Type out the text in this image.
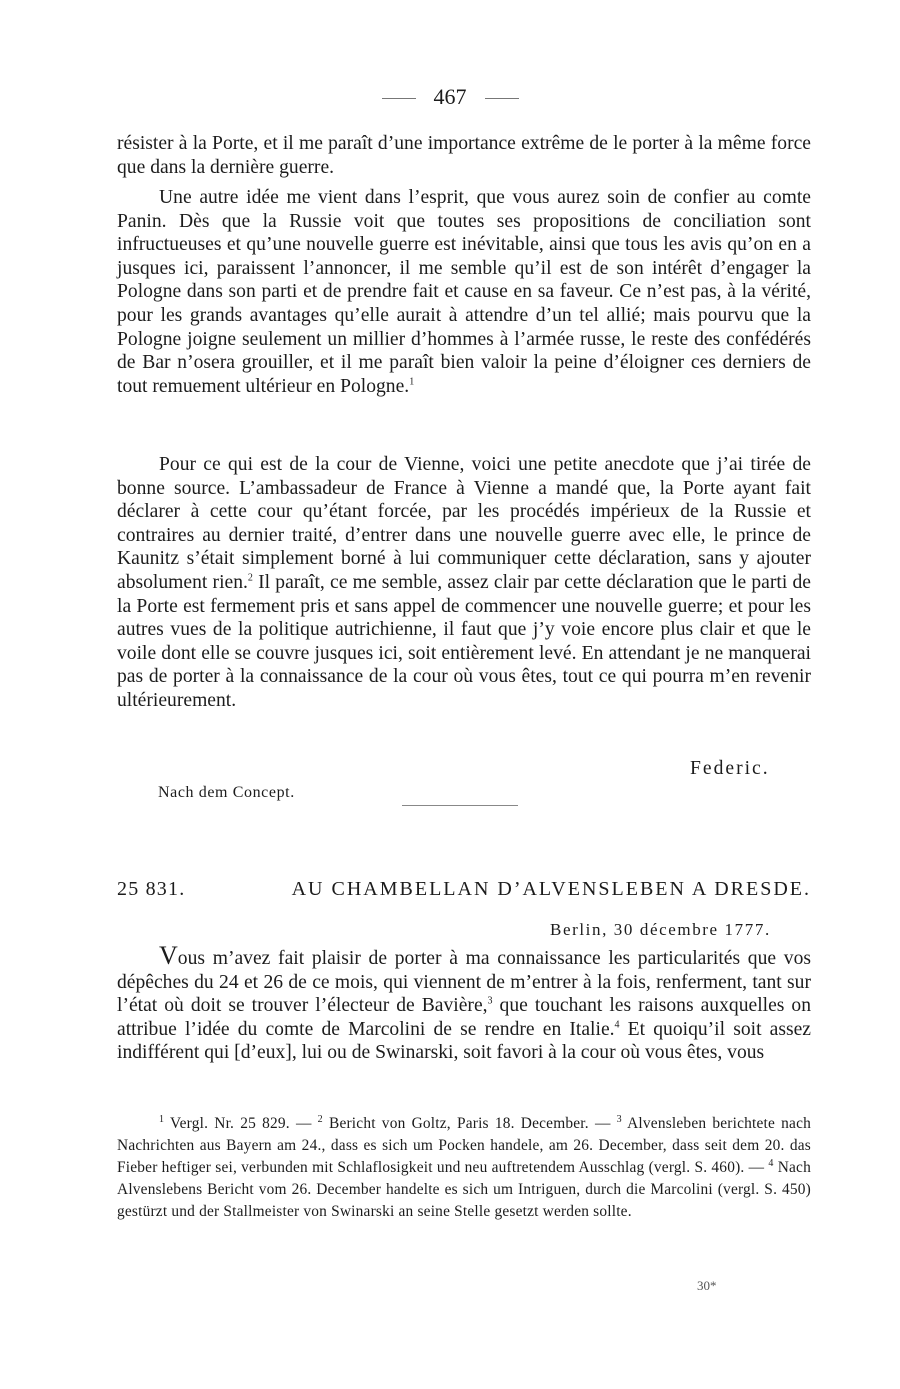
467

résister à la Porte, et il me paraît d’une importance extrême de le porter à la même force que dans la dernière guerre.

Une autre idée me vient dans l’esprit, que vous aurez soin de confier au comte Panin. Dès que la Russie voit que toutes ses propositions de conciliation sont infructueuses et qu’une nouvelle guerre est inévitable, ainsi que tous les avis qu’on en a jusques ici, paraissent l’annoncer, il me semble qu’il est de son intérêt d’engager la Pologne dans son parti et de prendre fait et cause en sa faveur. Ce n’est pas, à la vérité, pour les grands avantages qu’elle aurait à attendre d’un tel allié; mais pourvu que la Pologne joigne seulement un millier d’hommes à l’armée russe, le reste des confédérés de Bar n’osera grouiller, et il me paraît bien valoir la peine d’éloigner ces derniers de tout remuement ultérieur en Pologne.$^1$

Pour ce qui est de la cour de Vienne, voici une petite anecdote que j’ai tirée de bonne source. L’ambassadeur de France à Vienne a mandé que, la Porte ayant fait déclarer à cette cour qu’étant forcée, par les procédés impérieux de la Russie et contraires au dernier traité, d’entrer dans une nouvelle guerre avec elle, le prince de Kaunitz s’était simplement borné à lui communiquer cette déclaration, sans y ajouter absolument rien.$^2$ Il paraît, ce me semble, assez clair par cette déclaration que le parti de la Porte est fermement pris et sans appel de commencer une nouvelle guerre; et pour les autres vues de la politique autrichienne, il faut que j’y voie encore plus clair et que le voile dont elle se couvre jusques ici, soit entièrement levé. En attendant je ne manquerai pas de porter à la connaissance de la cour où vous êtes, tout ce qui pourra m’en revenir ultérieurement.

Federic.
Nach dem Concept.
25 831.	AU CHAMBELLAN D’ALVENSLEBEN A DRESDE.
Berlin, 30 décembre 1777.

Vous m’avez fait plaisir de porter à ma connaissance les particularités que vos dépêches du 24 et 26 de ce mois, qui viennent de m’entrer à la fois, renferment, tant sur l’état où doit se trouver l’électeur de Bavière,$^3$ que touchant les raisons auxquelles on attribue l’idée du comte de Marcolini de se rendre en Italie.$^4$ Et quoiqu’il soit assez indifférent qui [d’eux], lui ou de Swinarski, soit favori à la cour où vous êtes, vous

$^1$ Vergl. Nr. 25 829. — $^2$ Bericht von Goltz, Paris 18. December. — $^3$ Alvensleben berichtete nach Nachrichten aus Bayern am 24., dass es sich um Pocken handele, am 26. December, dass seit dem 20. das Fieber heftiger sei, verbunden mit Schlaflosigkeit und neu auftretendem Ausschlag (vergl. S. 460). — $^4$ Nach Alvenslebens Bericht vom 26. December handelte es sich um Intriguen, durch die Marcolini (vergl. S. 450) gestürzt und der Stallmeister von Swinarski an seine Stelle gesetzt werden sollte.

30*
